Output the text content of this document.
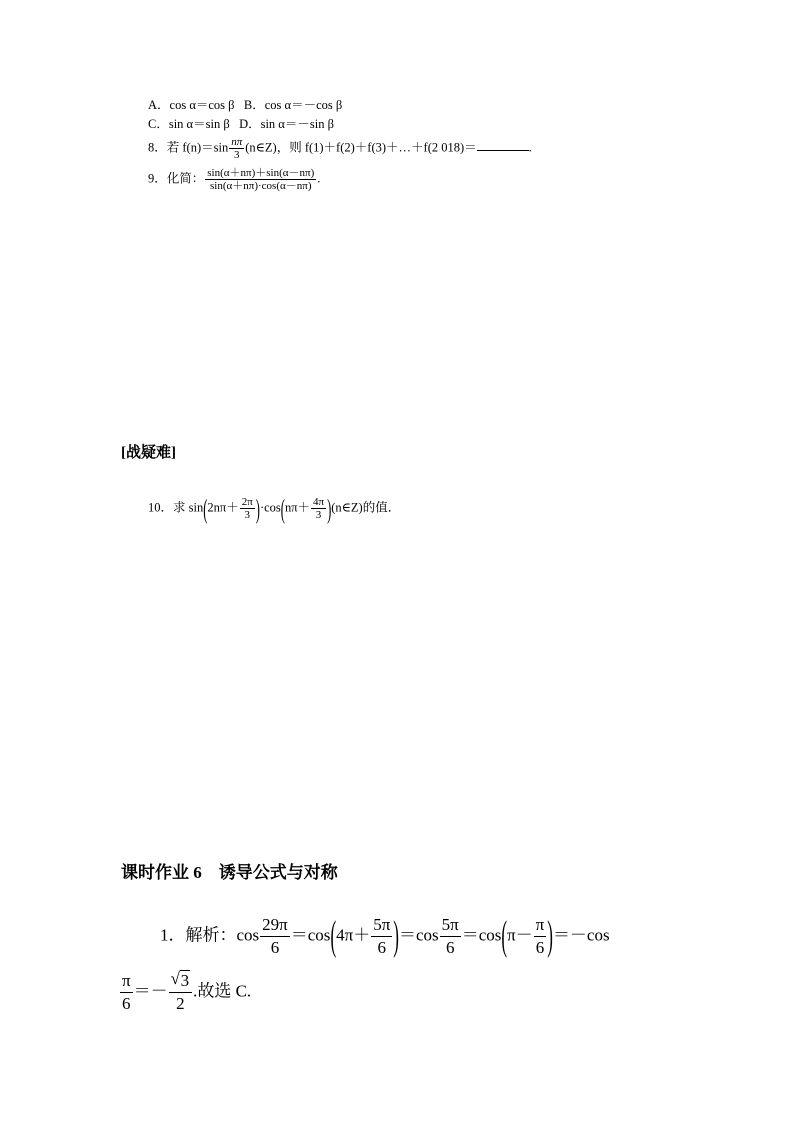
A．cos α＝cos β B．cos α＝－cos β
C．sin α＝sin β D．sin α＝－sin β
8．若 $f(n)=\sin \frac{n\pi}{3}$ (n∈Z)，则 f(1)＋f(2)＋f(3)＋…＋f(2 018)＝	.
9．化简： $\frac{\sin(\alpha+n\pi)+\sin(\alpha-n\pi)}{\sin(\alpha+n\pi)\cdot\cos(\alpha-n\pi)}$ .
[战疑难]
10．求 $\sin(2n\pi+ \frac{2\pi}{3} )\cdot\cos(n\pi+ \frac{4\pi}{3}$ )(n∈Z)的值．
课时作业 6　诱导公式与对称
1．解析：$\cos \frac{29\pi}{6} =\cos(4\pi+ \frac{5\pi}{6} )=\cos \frac{5\pi}{6} =\cos(\pi- \frac{\pi}{6} )=-\cos$
$\frac{\pi}{6} =- \frac{√ 3}{2}$ .故选 C.
